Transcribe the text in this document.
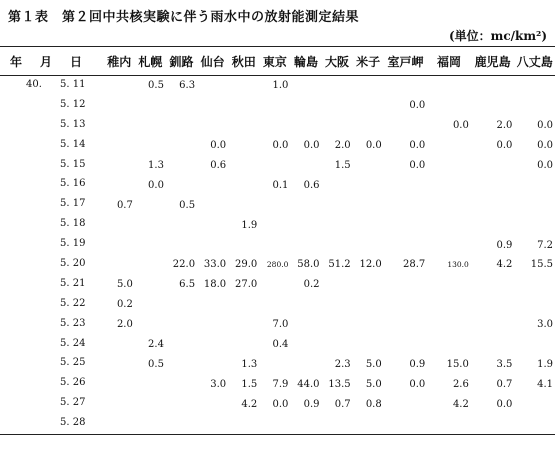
第１表　第２回中共核実験に伴う雨水中の放射能測定結果
(単位：mc/km²)
年 月 日	稚内	札幌	釧路	仙台	秋田	東京	輪島	大阪	米子	室戸岬	福岡	鹿児島	八丈島

40. 5. 11		0.5	6.3			1.0							

5. 12										0.0			

5. 13											0.0	2.0	0.0

5. 14				0.0		0.0	0.0	2.0	0.0	0.0		0.0	0.0

5. 15		1.3		0.6				1.5		0.0			0.0

5. 16		0.0				0.1	0.6						

5. 17	0.7		0.5										

5. 18					1.9								

5. 19												0.9	7.2

5. 20			22.0	33.0	29.0	280.0	58.0	51.2	12.0	28.7	130.0	4.2	15.5

5. 21	5.0		6.5	18.0	27.0		0.2						

5. 22	0.2												

5. 23	2.0					7.0							3.0

5. 24		2.4				0.4							

5. 25		0.5			1.3			2.3	5.0	0.9	15.0	3.5	1.9

5. 26				3.0	1.5	7.9	44.0	13.5	5.0	0.0	2.6	0.7	4.1

5. 27					4.2	0.0	0.9	0.7	0.8		4.2	0.0	

5. 28													
